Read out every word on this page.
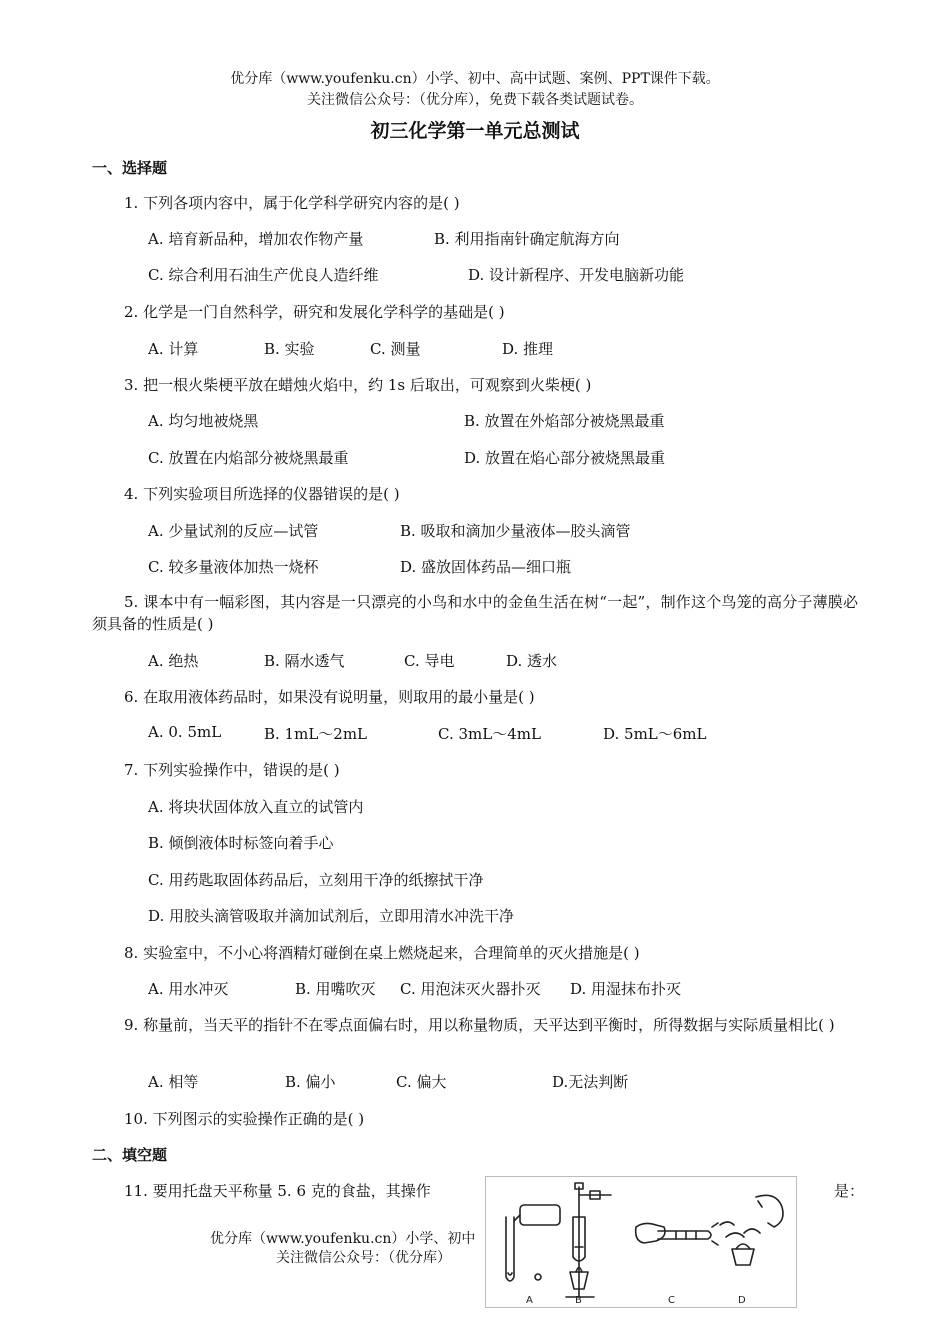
优分库（www.youfenku.cn）小学、初中、高中试题、案例、PPT课件下载。
关注微信公众号：（优分库），免费下载各类试题试卷。
初三化学第一单元总测试
一、选择题
1. 下列各项内容中，属于化学科学研究内容的是( )
A. 培育新品种，增加农作物产量	B. 利用指南针确定航海方向
C. 综合利用石油生产优良人造纤维	D. 设计新程序、开发电脑新功能
2. 化学是一门自然科学，研究和发展化学科学的基础是( )
A. 计算	B. 实验	C. 测量	D. 推理
3. 把一根火柴梗平放在蜡烛火焰中，约 1s 后取出，可观察到火柴梗( )
A. 均匀地被烧黑	B. 放置在外焰部分被烧黑最重
C. 放置在内焰部分被烧黑最重	D. 放置在焰心部分被烧黑最重
4. 下列实验项目所选择的仪器错误的是( )
A. 少量试剂的反应—试管	B. 吸取和滴加少量液体—胶头滴管
C. 较多量液体加热一烧杯	D. 盛放固体药品—细口瓶
5. 课本中有一幅彩图，其内容是一只漂亮的小鸟和水中的金鱼生活在树“一起”，制作这个鸟笼的高分子薄膜必须具备的性质是( )
A. 绝热	B. 隔水透气	C. 导电	D. 透水
6. 在取用液体药品时，如果没有说明量，则取用的最小量是( )
A. 0. 5mL	B. 1mL～2mL	C. 3mL～4mL	D. 5mL～6mL
7. 下列实验操作中，错误的是( )
A. 将块状固体放入直立的试管内
B. 倾倒液体时标签向着手心
C. 用药匙取固体药品后，立刻用干净的纸擦拭干净
D. 用胶头滴管吸取并滴加试剂后，立即用清水冲洗干净
8. 实验室中，不小心将酒精灯碰倒在桌上燃烧起来，合理简单的灭火措施是( )
A. 用水冲灭	B. 用嘴吹灭 C. 用泡沫灭火器扑灭 D. 用湿抹布扑灭
9. 称量前，当天平的指针不在零点面偏右时，用以称量物质，天平达到平衡时，所得数据与实际质量相比( )
A. 相等	B. 偏小	C. 偏大	D.无法判断
10. 下列图示的实验操作正确的是( )
二、填空题
11. 要用托盘天平称量 5. 6 克的食盐，其操作	是：
优分库（www.youfenku.cn）小学、初中
关注微信公众号：（优分库）
A	B	C	D
